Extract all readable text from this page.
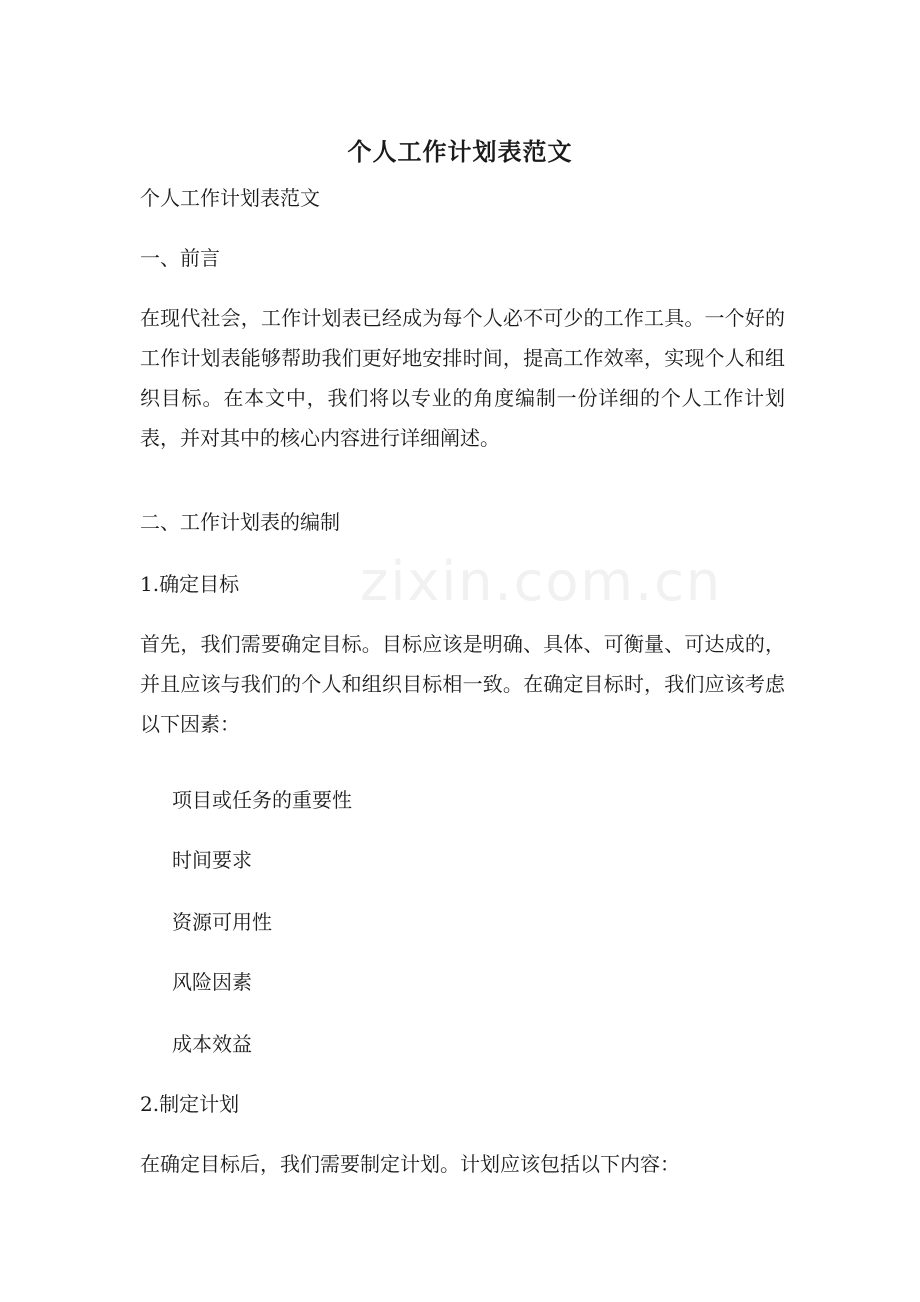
zixin.com.cn
个人工作计划表范文

个人工作计划表范文

一、前言

在现代社会，工作计划表已经成为每个人必不可少的工作工具。一个好的工作计划表能够帮助我们更好地安排时间，提高工作效率，实现个人和组织目标。在本文中，我们将以专业的角度编制一份详细的个人工作计划表，并对其中的核心内容进行详细阐述。

二、工作计划表的编制

1.确定目标

首先，我们需要确定目标。目标应该是明确、具体、可衡量、可达成的，并且应该与我们的个人和组织目标相一致。在确定目标时，我们应该考虑以下因素：

项目或任务的重要性

时间要求

资源可用性

风险因素

成本效益

2.制定计划

在确定目标后，我们需要制定计划。计划应该包括以下内容：
